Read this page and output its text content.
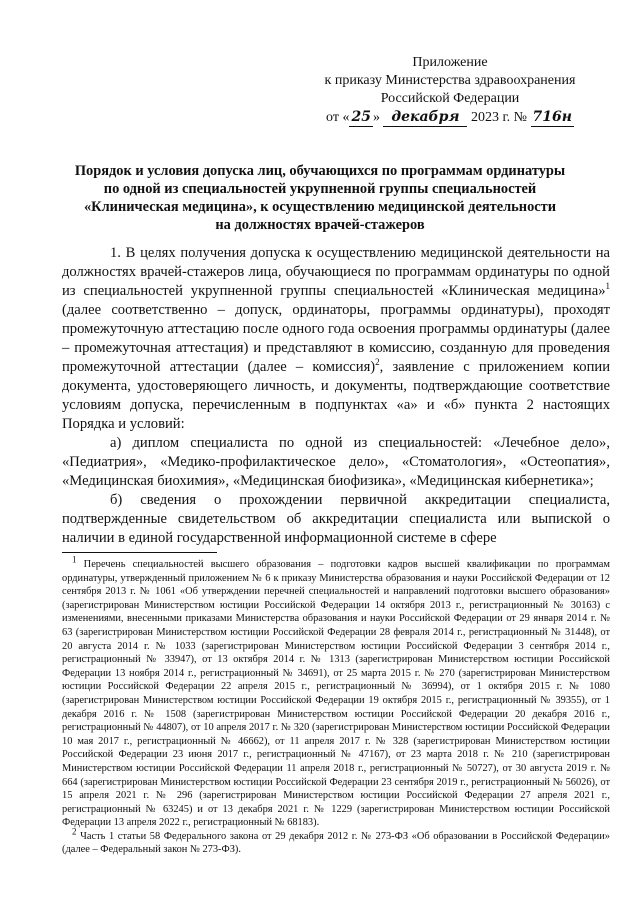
Приложение
к приказу Министерства здравоохранения
Российской Федерации
от « 25 » декабря 2023 г. № 716н
Порядок и условия допуска лиц, обучающихся по программам ординатуры
по одной из специальностей укрупненной группы специальностей
«Клиническая медицина», к осуществлению медицинской деятельности
на должностях врачей-стажеров

1. В целях получения допуска к осуществлению медицинской деятельности на должностях врачей-стажеров лица, обучающиеся по программам ординатуры по одной из специальностей укрупненной группы специальностей «Клиническая медицина»$^1$ (далее соответственно – допуск, ординаторы, программы ординатуры), проходят промежуточную аттестацию после одного года освоения программы ординатуры (далее – промежуточная аттестация) и представляют в комиссию, созданную для проведения промежуточной аттестации (далее – комиссия)$^2$, заявление с приложением копии документа, удостоверяющего личность, и документы, подтверждающие соответствие условиям допуска, перечисленным в подпунктах «а» и «б» пункта 2 настоящих Порядка и условий:

а) диплом специалиста по одной из специальностей: «Лечебное дело», «Педиатрия», «Медико-профилактическое дело», «Стоматология», «Остеопатия», «Медицинская биохимия», «Медицинская биофизика», «Медицинская кибернетика»;

б) сведения о прохождении первичной аккредитации специалиста, подтвержденные свидетельством об аккредитации специалиста или выпиской о наличии в единой государственной информационной системе в сфере

$^1$ Перечень специальностей высшего образования – подготовки кадров высшей квалификации по программам ординатуры, утвержденный приложением № 6 к приказу Министерства образования и науки Российской Федерации от 12 сентября 2013 г. № 1061 «Об утверждении перечней специальностей и направлений подготовки высшего образования» (зарегистрирован Министерством юстиции Российской Федерации 14 октября 2013 г., регистрационный № 30163) с изменениями, внесенными приказами Министерства образования и науки Российской Федерации от 29 января 2014 г. № 63 (зарегистрирован Министерством юстиции Российской Федерации 28 февраля 2014 г., регистрационный № 31448), от 20 августа 2014 г. № 1033 (зарегистрирован Министерством юстиции Российской Федерации 3 сентября 2014 г., регистрационный № 33947), от 13 октября 2014 г. № 1313 (зарегистрирован Министерством юстиции Российской Федерации 13 ноября 2014 г., регистрационный № 34691), от 25 марта 2015 г. № 270 (зарегистрирован Министерством юстиции Российской Федерации 22 апреля 2015 г., регистрационный № 36994), от 1 октября 2015 г. № 1080 (зарегистрирован Министерством юстиции Российской Федерации 19 октября 2015 г., регистрационный № 39355), от 1 декабря 2016 г. № 1508 (зарегистрирован Министерством юстиции Российской Федерации 20 декабря 2016 г., регистрационный № 44807), от 10 апреля 2017 г. № 320 (зарегистрирован Министерством юстиции Российской Федерации 10 мая 2017 г., регистрационный № 46662), от 11 апреля 2017 г. № 328 (зарегистрирован Министерством юстиции Российской Федерации 23 июня 2017 г., регистрационный № 47167), от 23 марта 2018 г. № 210 (зарегистрирован Министерством юстиции Российской Федерации 11 апреля 2018 г., регистрационный № 50727), от 30 августа 2019 г. № 664 (зарегистрирован Министерством юстиции Российской Федерации 23 сентября 2019 г., регистрационный № 56026), от 15 апреля 2021 г. № 296 (зарегистрирован Министерством юстиции Российской Федерации 27 апреля 2021 г., регистрационный № 63245) и от 13 декабря 2021 г. № 1229 (зарегистрирован Министерством юстиции Российской Федерации 13 апреля 2022 г., регистрационный № 68183).

$^2$ Часть 1 статьи 58 Федерального закона от 29 декабря 2012 г. № 273-ФЗ «Об образовании в Российской Федерации» (далее – Федеральный закон № 273-ФЗ).
